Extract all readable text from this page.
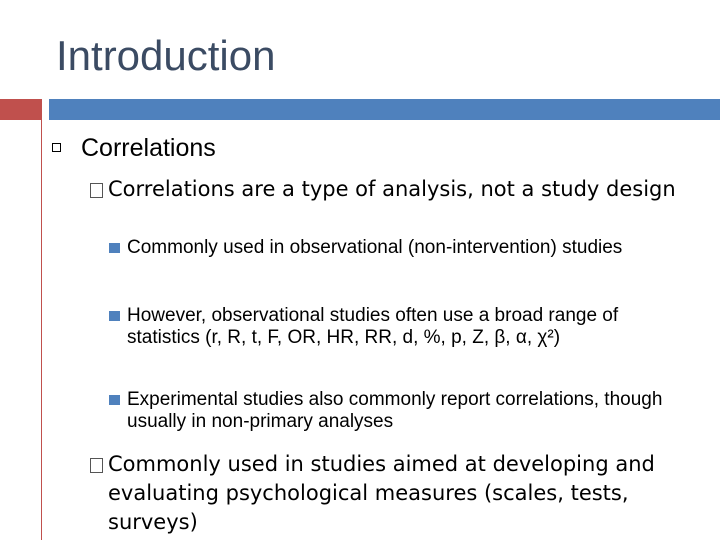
Introduction
Correlations
Correlations are a type of analysis, not a study design
Commonly used in observational (non-intervention) studies
However, observational studies often use a broad range of statistics (r, R, t, F, OR, HR, RR, d, %, p, Z, β, α, χ²)
Experimental studies also commonly report correlations, though usually in non-primary analyses
Commonly used in studies aimed at developing and evaluating psychological measures (scales, tests, surveys)
